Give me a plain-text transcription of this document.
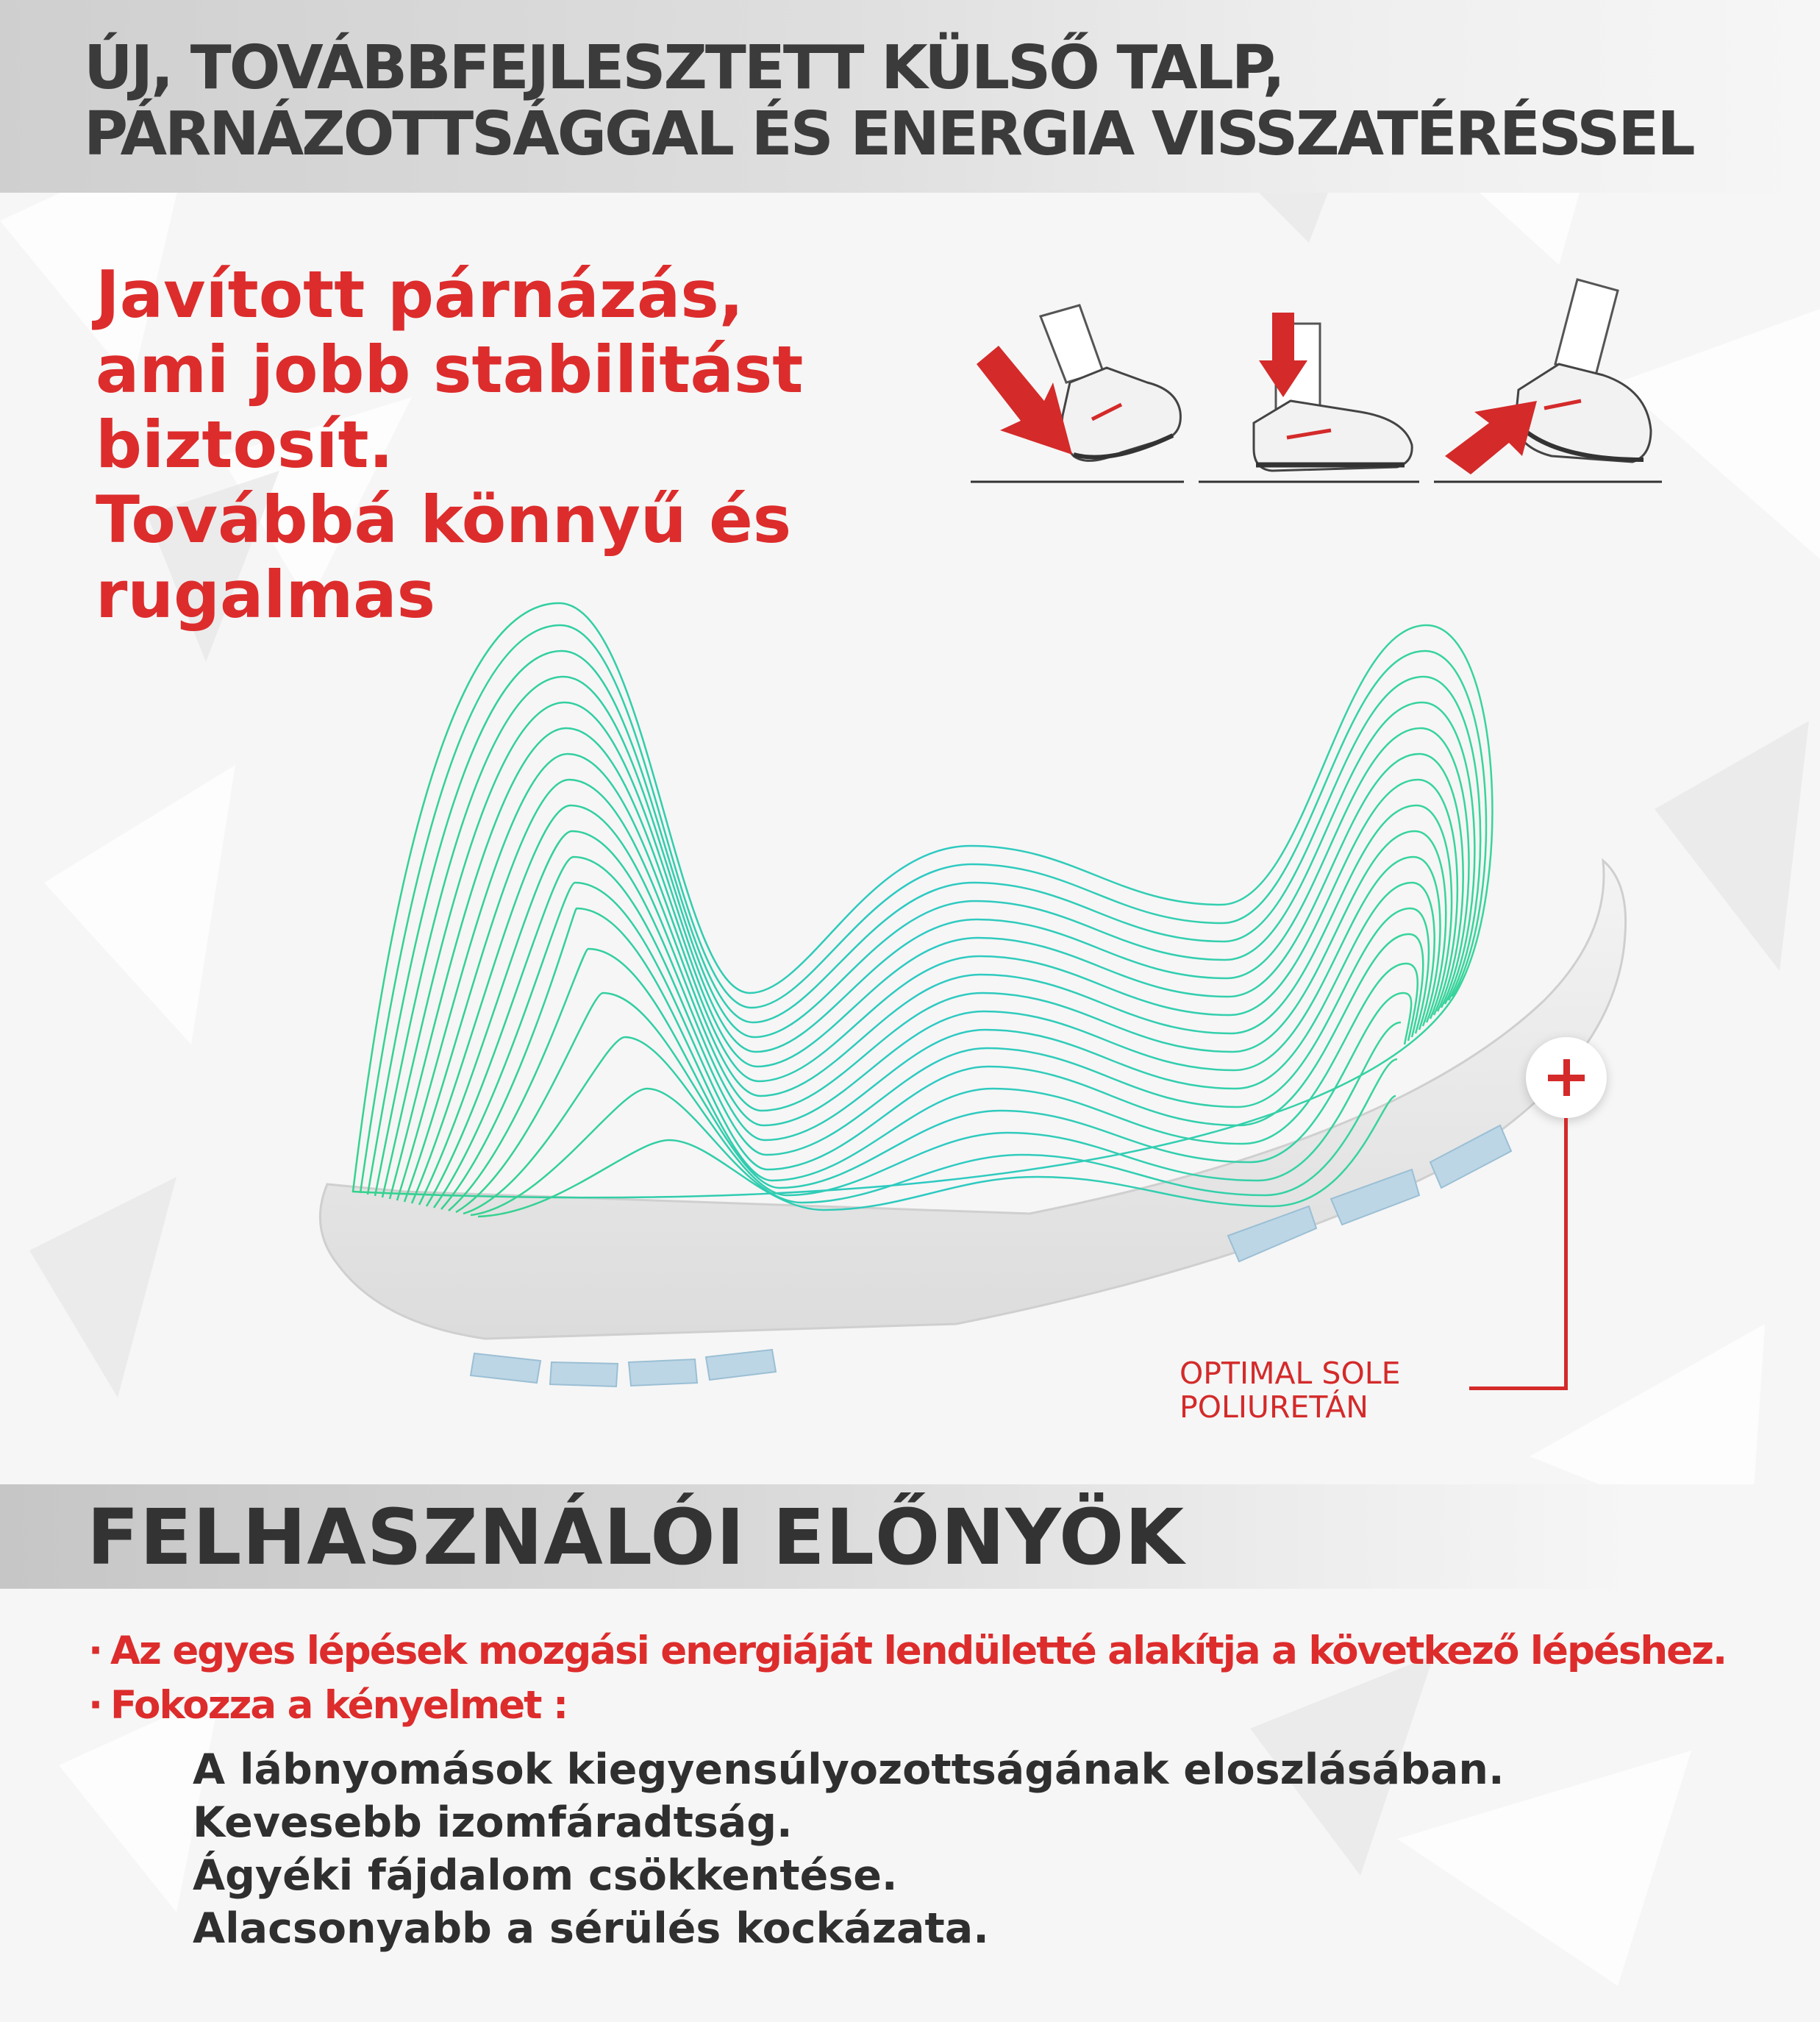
ÚJ, TOVÁBBFEJLESZTETT KÜLSŐ TALP,
PÁRNÁZOTTSÁGGAL ÉS ENERGIA VISSZATÉRÉSSEL
Javított párnázás,
ami jobb stabilitást
biztosít.
Továbbá könnyű és
rugalmas
OPTIMAL SOLE
POLIURETÁN
FELHASZNÁLÓI ELŐNYÖK
· Az egyes lépések mozgási energiáját lendületté alakítja a következő lépéshez.
· Fokozza a kényelmet :
A lábnyomások kiegyensúlyozottságának eloszlásában.
Kevesebb izomfáradtság.
Ágyéki fájdalom csökkentése.
Alacsonyabb a sérülés kockázata.
